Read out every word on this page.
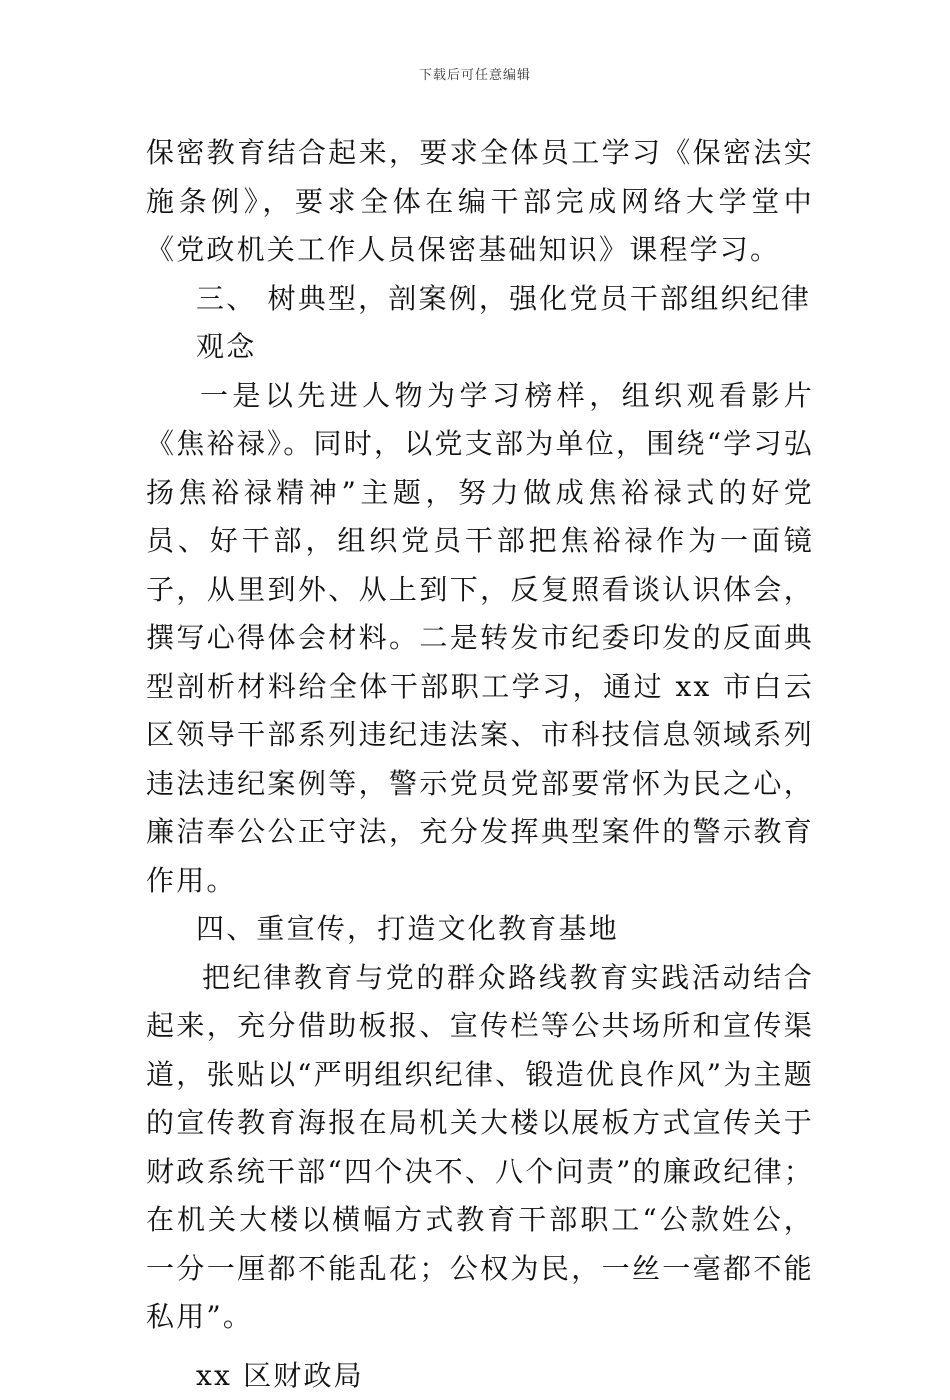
下载后可任意编辑

保密教育结合起来，要求全体员工学习《保密法实施条例》，要求全体在编干部完成网络大学堂中《党政机关工作人员保密基础知识》课程学习。

三、 树典型，剖案例，强化党员干部组织纪律观念

一是以先进人物为学习榜样，组织观看影片《焦裕禄》。同时，以党支部为单位，围绕“学习弘扬焦裕禄精神”主题，努力做成焦裕禄式的好党员、好干部，组织党员干部把焦裕禄作为一面镜子，从里到外、从上到下，反复照看谈认识体会，撰写心得体会材料。二是转发市纪委印发的反面典型剖析材料给全体干部职工学习，通过 xx 市白云区领导干部系列违纪违法案、市科技信息领域系列违法违纪案例等，警示党员党部要常怀为民之心，廉洁奉公公正守法，充分发挥典型案件的警示教育作用。

四、重宣传，打造文化教育基地

把纪律教育与党的群众路线教育实践活动结合起来，充分借助板报、宣传栏等公共场所和宣传渠道，张贴以“严明组织纪律、锻造优良作风”为主题的宣传教育海报在局机关大楼以展板方式宣传关于财政系统干部“四个决不、八个问责”的廉政纪律；在机关大楼以横幅方式教育干部职工“公款姓公，一分一厘都不能乱花；公权为民，一丝一毫都不能私用”。

xx 区财政局
